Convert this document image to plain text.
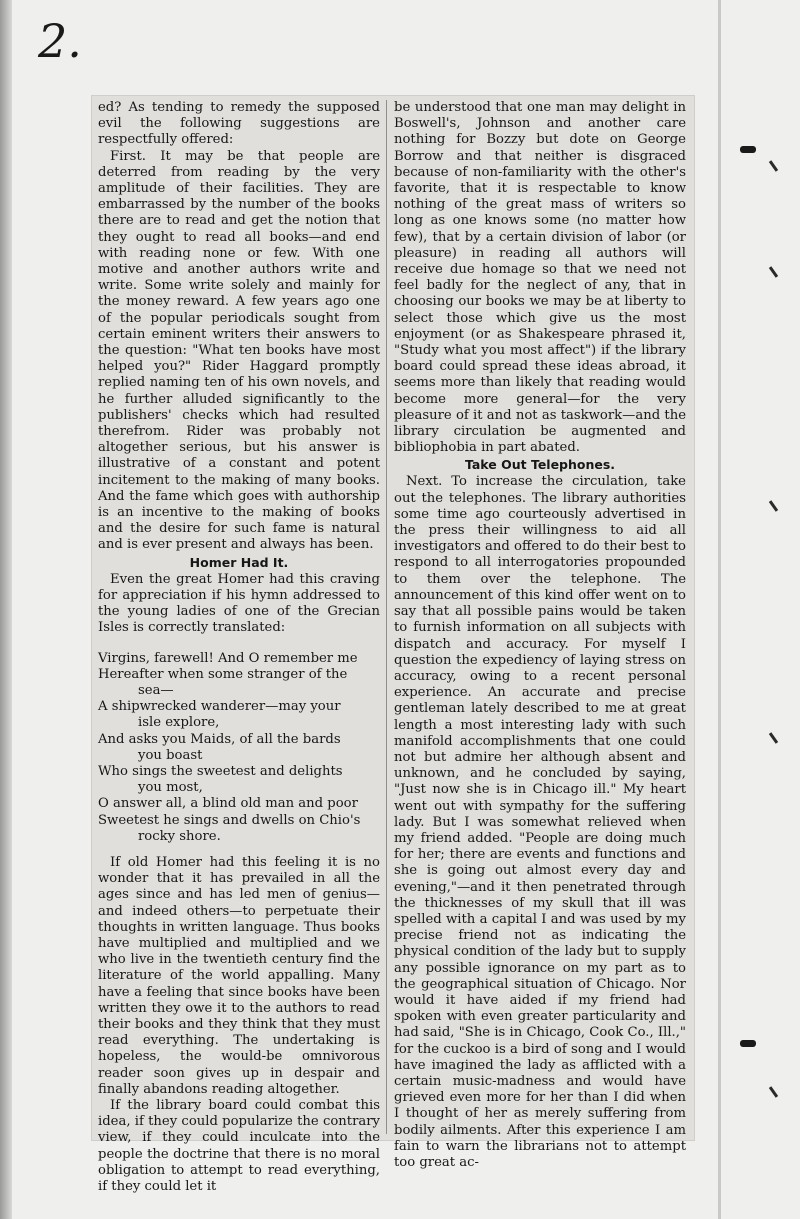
2.

ed? As tending to remedy the supposed evil the following suggestions are respectfully offered:

First. It may be that people are deterred from reading by the very amplitude of their facilities. They are embarrassed by the number of the books there are to read and get the notion that they ought to read all books—and end with reading none or few. With one motive and another authors write and write. Some write solely and mainly for the money reward. A few years ago one of the popular periodicals sought from certain eminent writers their answers to the question: "What ten books have most helped you?" Rider Haggard promptly replied naming ten of his own novels, and he further alluded significantly to the publishers' checks which had resulted therefrom. Rider was probably not altogether serious, but his answer is illustrative of a constant and potent incitement to the making of many books. And the fame which goes with authorship is an incentive to the making of books and the desire for such fame is natural and is ever present and always has been.

Homer Had It.

Even the great Homer had this craving for appreciation if his hymn addressed to the young ladies of one of the Grecian Isles is correctly translated:

Virgins, farewell! And O remember me

Hereafter when some stranger of the

sea—

A shipwrecked wanderer—may your

isle explore,

And asks you Maids, of all the bards

you boast

Who sings the sweetest and delights

you most,

O answer all, a blind old man and poor

Sweetest he sings and dwells on Chio's

rocky shore.

If old Homer had this feeling it is no wonder that it has prevailed in all the ages since and has led men of genius—and indeed others—to perpetuate their thoughts in written language. Thus books have multiplied and multiplied and we who live in the twentieth century find the literature of the world appalling. Many have a feeling that since books have been written they owe it to the authors to read their books and they think that they must read everything. The undertaking is hopeless, the would-be omnivorous reader soon gives up in despair and finally abandons reading altogether.

If the library board could combat this idea, if they could popularize the contrary view, if they could inculcate into the people the doctrine that there is no moral obligation to attempt to read everything, if they could let it

be understood that one man may delight in Boswell's, Johnson and another care nothing for Bozzy but dote on George Borrow and that neither is disgraced because of non-familiarity with the other's favorite, that it is respectable to know nothing of the great mass of writers so long as one knows some (no matter how few), that by a certain division of labor (or pleasure) in reading all authors will receive due homage so that we need not feel badly for the neglect of any, that in choosing our books we may be at liberty to select those which give us the most enjoyment (or as Shakespeare phrased it, "Study what you most affect") if the library board could spread these ideas abroad, it seems more than likely that reading would become more general—for the very pleasure of it and not as taskwork—and the library circulation be augmented and bibliophobia in part abated.

Take Out Telephones.

Next. To increase the circulation, take out the telephones. The library authorities some time ago courteously advertised in the press their willingness to aid all investigators and offered to do their best to respond to all interrogatories propounded to them over the telephone. The announcement of this kind offer went on to say that all possible pains would be taken to furnish information on all subjects with dispatch and accuracy. For myself I question the expediency of laying stress on accuracy, owing to a recent personal experience. An accurate and precise gentleman lately described to me at great length a most interesting lady with such manifold accomplishments that one could not but admire her although absent and unknown, and he concluded by saying, "Just now she is in Chicago ill." My heart went out with sympathy for the suffering lady. But I was somewhat relieved when my friend added. "People are doing much for her; there are events and functions and she is going out almost every day and evening,"—and it then penetrated through the thicknesses of my skull that ill was spelled with a capital I and was used by my precise friend not as indicating the physical condition of the lady but to supply any possible ignorance on my part as to the geographical situation of Chicago. Nor would it have aided if my friend had spoken with even greater particularity and had said, "She is in Chicago, Cook Co., Ill.," for the cuckoo is a bird of song and I would have imagined the lady as afflicted with a certain music-madness and would have grieved even more for her than I did when I thought of her as merely suffering from bodily ailments. After this experience I am fain to warn the librarians not to attempt too great ac-
